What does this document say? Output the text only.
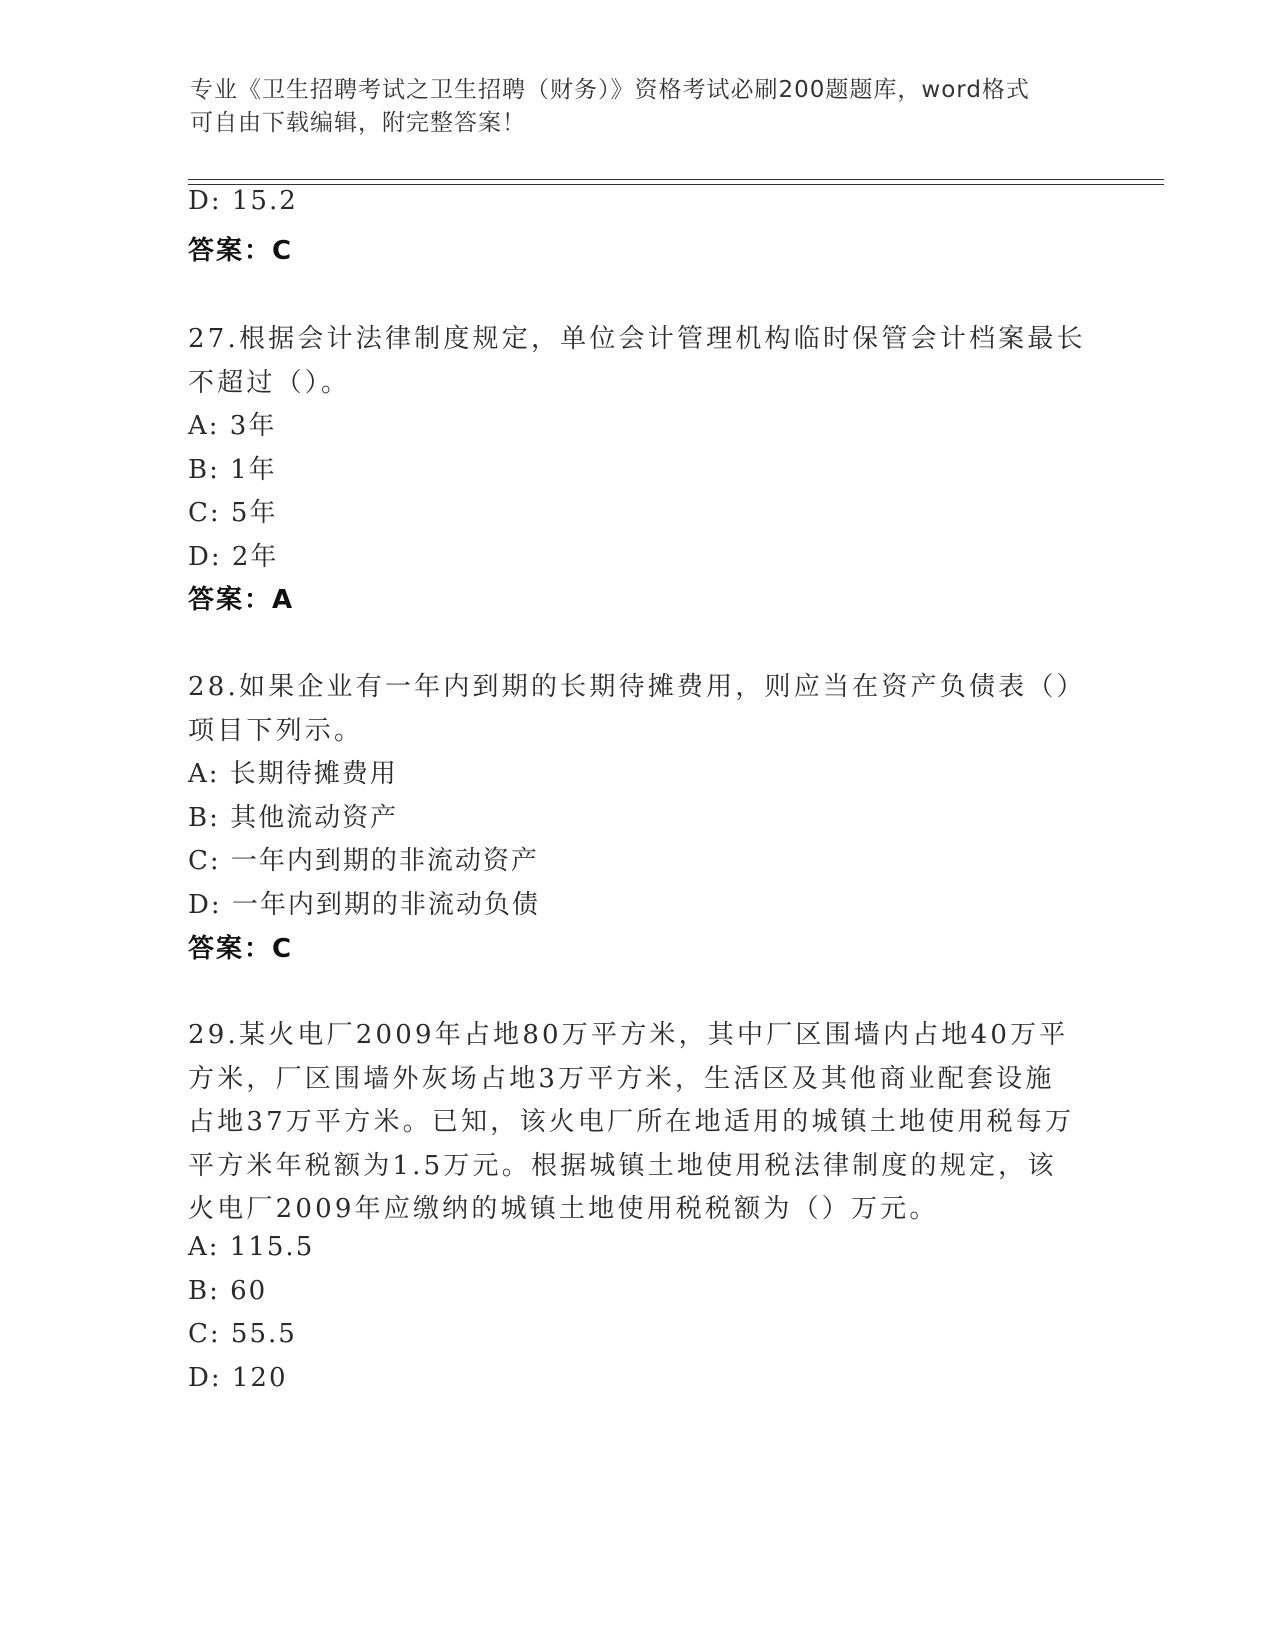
专业《卫生招聘考试之卫生招聘（财务）》资格考试必刷200题题库，word格式
可自由下载编辑，附完整答案！
D: 15.2
答案：C
27.根据会计法律制度规定，单位会计管理机构临时保管会计档案最长
不超过（）。
A: 3年
B: 1年
C: 5年
D: 2年
答案：A
28.如果企业有一年内到期的长期待摊费用，则应当在资产负债表（）
项目下列示。
A: 长期待摊费用
B: 其他流动资产
C: 一年内到期的非流动资产
D: 一年内到期的非流动负债
答案：C
29.某火电厂2009年占地80万平方米，其中厂区围墙内占地40万平
方米，厂区围墙外灰场占地3万平方米，生活区及其他商业配套设施
占地37万平方米。已知，该火电厂所在地适用的城镇土地使用税每万
平方米年税额为1.5万元。根据城镇土地使用税法律制度的规定，该
火电厂2009年应缴纳的城镇土地使用税税额为（）万元。
A: 115.5
B: 60
C: 55.5
D: 120
